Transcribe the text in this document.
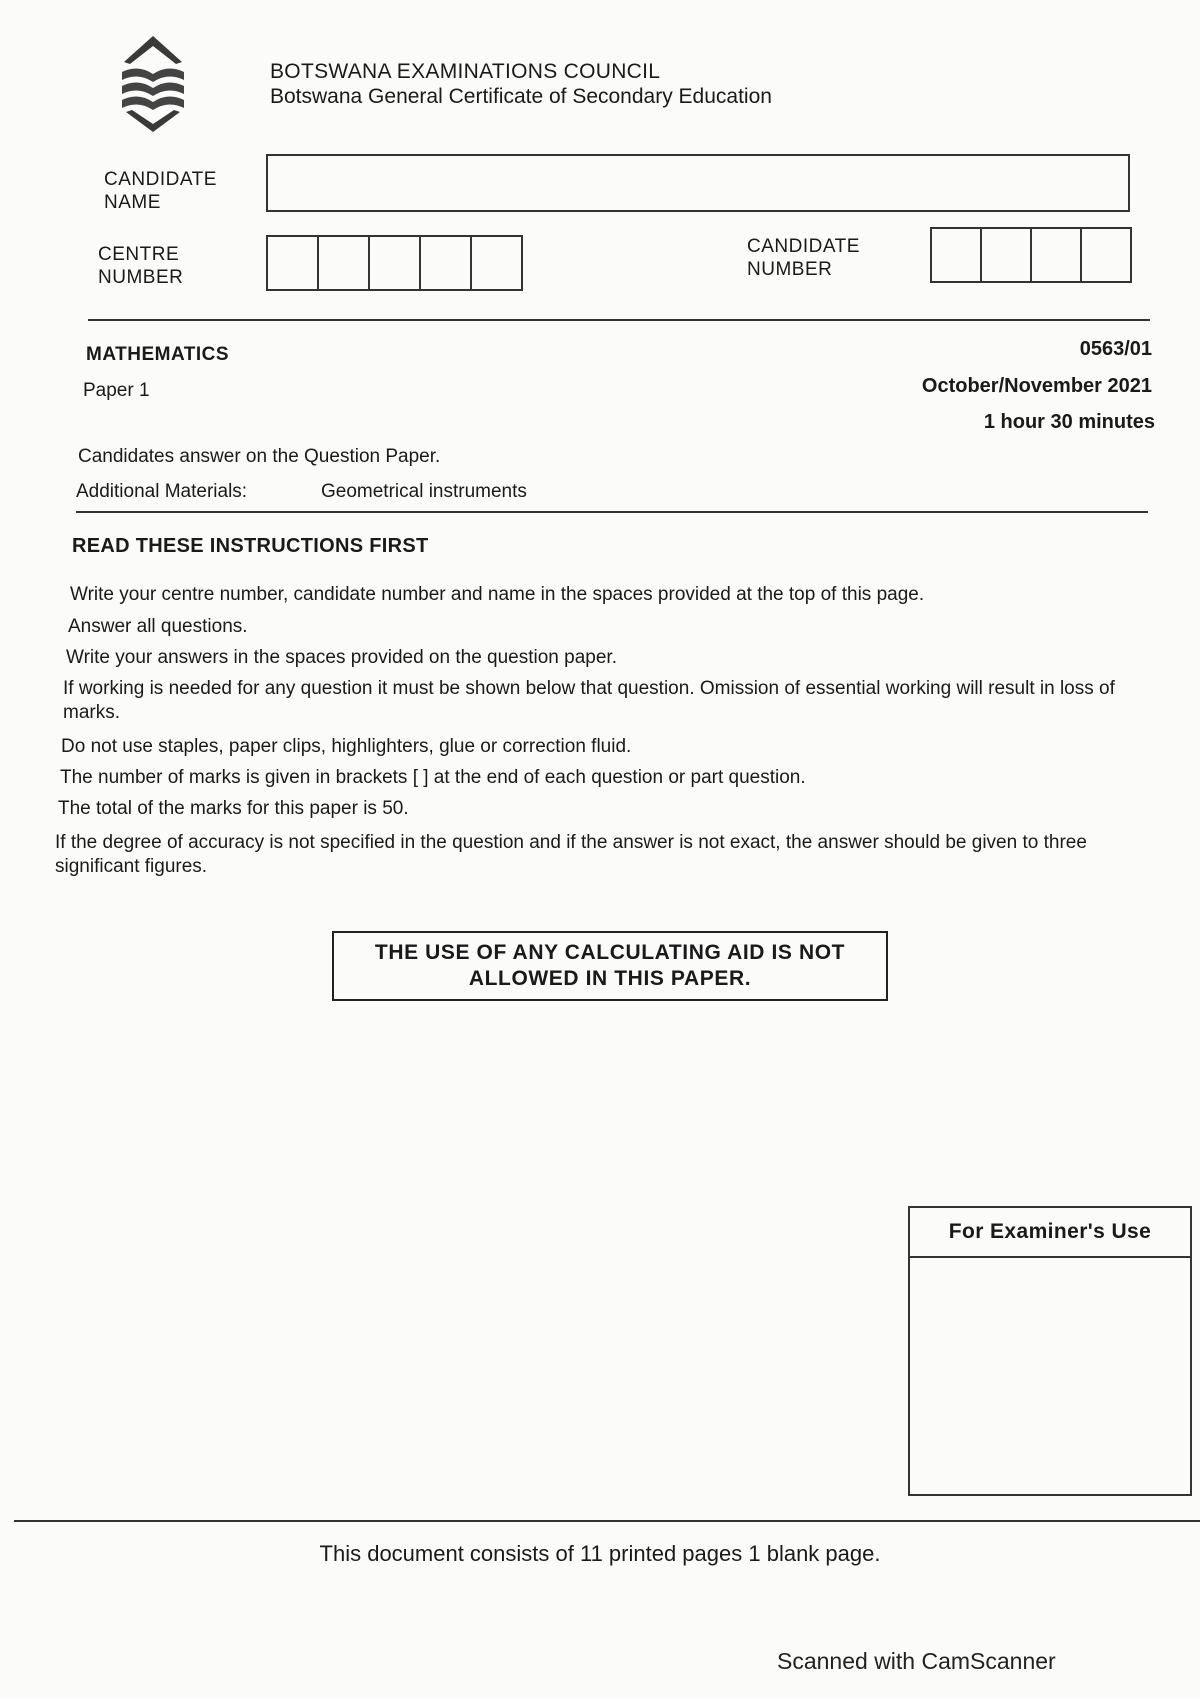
BOTSWANA EXAMINATIONS COUNCIL
Botswana General Certificate of Secondary Education
CANDIDATE
NAME
CENTRE
NUMBER
CANDIDATE
NUMBER
MATHEMATICS
Paper 1
0563/01
October/November 2021
1 hour 30 minutes
Candidates answer on the Question Paper.
Additional Materials:	Geometrical instruments
READ THESE INSTRUCTIONS FIRST
Write your centre number, candidate number and name in the spaces provided at the top of this page.
Answer all questions.
Write your answers in the spaces provided on the question paper.
If working is needed for any question it must be shown below that question. Omission of essential working will result in loss of marks.
Do not use staples, paper clips, highlighters, glue or correction fluid.
The number of marks is given in brackets [ ] at the end of each question or part question.
The total of the marks for this paper is 50.
If the degree of accuracy is not specified in the question and if the answer is not exact, the answer should be given to three significant figures.
THE USE OF ANY CALCULATING AID IS NOT
ALLOWED IN THIS PAPER.
For Examiner's Use
This document consists of 11 printed pages 1 blank page.
Scanned with CamScanner
